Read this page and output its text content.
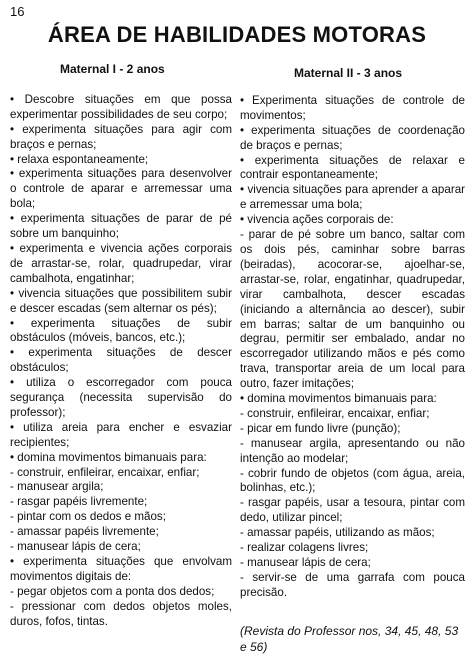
16
ÁREA DE HABILIDADES MOTORAS
Maternal I - 2 anos
• Descobre situações em que possa experimentar possibilidades de seu corpo;
• experimenta situações para agir com braços e pernas;
• relaxa espontaneamente;
• experimenta situações para desenvolver o controle de aparar e arremessar uma bola;
• experimenta situações de parar de pé sobre um banquinho;
• experimenta e vivencia ações corporais de arrastar-se, rolar, quadrupedar, virar cambalhota, engatinhar;
• vivencia situações que possibilitem subir e descer escadas (sem alternar os pés);
• experimenta situações de subir obstáculos (móveis, bancos, etc.);
• experimenta situações de descer obstáculos;
• utiliza o escorregador com pouca segurança (necessita supervisão do professor);
• utiliza areia para encher e esvaziar recipientes;
• domina movimentos bimanuais para:
- construir, enfileirar, encaixar, enfiar;
- manusear argila;
- rasgar papéis livremente;
- pintar com os dedos e mãos;
- amassar papéis livremente;
- manusear lápis de cera;
• experimenta situações que envolvam movimentos digitais de:
- pegar objetos com a ponta dos dedos;
- pressionar com dedos objetos moles, duros, fofos, tintas.
Maternal II - 3 anos
• Experimenta situações de controle de movimentos;
• experimenta situações de coordenação de braços e pernas;
• experimenta situações de relaxar e contrair espontaneamente;
• vivencia situações para aprender a aparar e arremessar uma bola;
• vivencia ações corporais de:
- parar de pé sobre um banco, saltar com os dois pés, caminhar sobre barras (beiradas), acocorar-se, ajoelhar-se, arrastar-se, rolar, engatinhar, quadrupedar, virar cambalhota, descer escadas (iniciando a alternância ao descer), subir em barras; saltar de um banquinho ou degrau, permitir ser embalado, andar no escorregador utilizando mãos e pés como trava, transportar areia de um local para outro, fazer imitações;
• domina movimentos bimanuais para:
- construir, enfileirar, encaixar, enfiar;
- picar em fundo livre (punção);
- manusear argila, apresentando ou não intenção ao modelar;
- cobrir fundo de objetos (com água, areia, bolinhas, etc.);
- rasgar papéis, usar a tesoura, pintar com dedo, utilizar pincel;
- amassar papéis, utilizando as mãos;
- realizar colagens livres;
- manusear lápis de cera;
- servir-se de uma garrafa com pouca precisão.
(Revista do Professor nos, 34, 45, 48, 53 e 56)
